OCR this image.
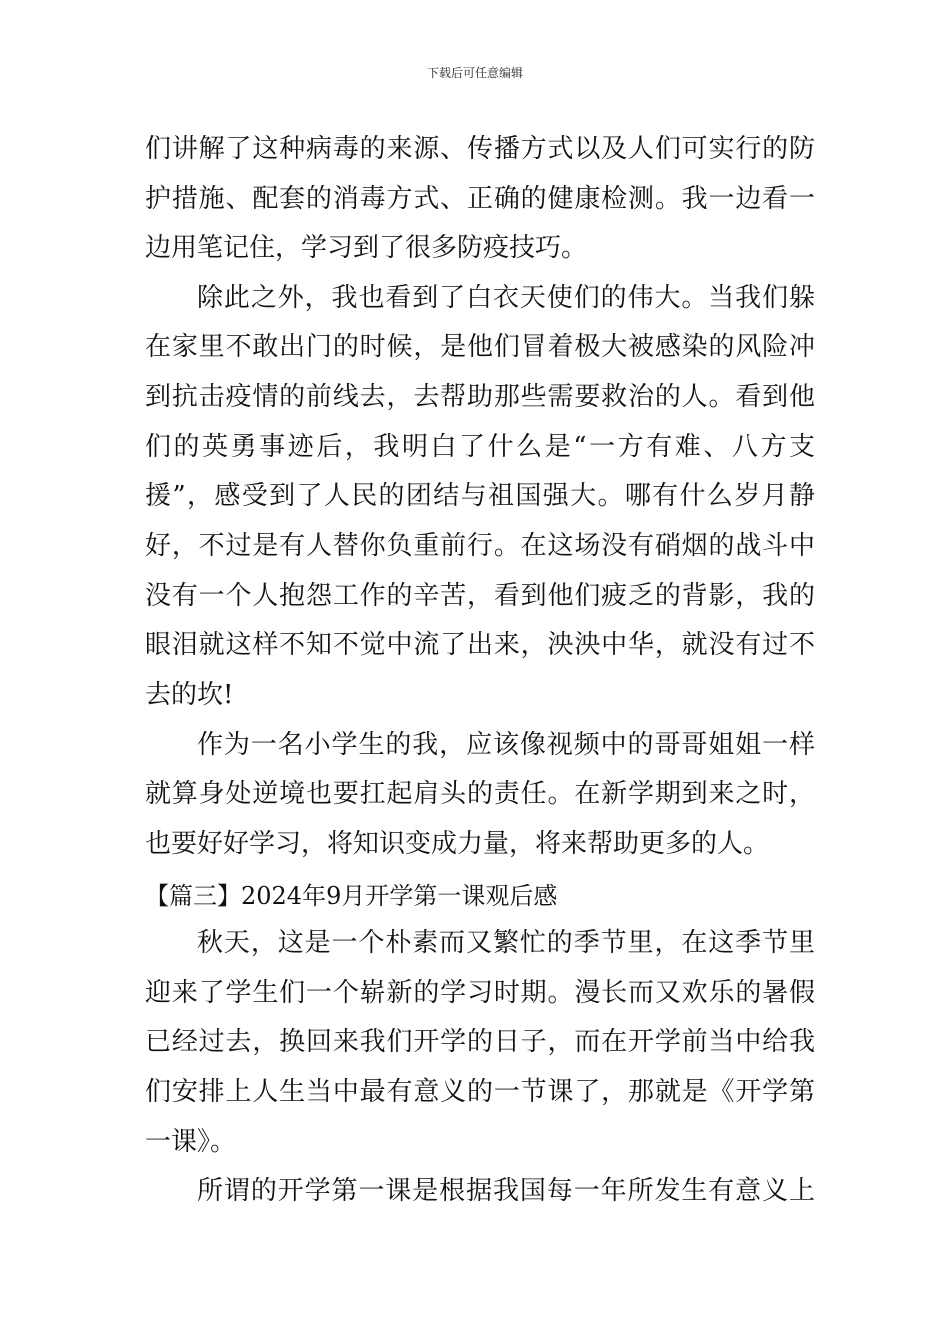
下载后可任意编辑
们讲解了这种病毒的来源、传播方式以及人们可实行的防
护措施、配套的消毒方式、正确的健康检测。我一边看一
边用笔记住，学习到了很多防疫技巧。
除此之外，我也看到了白衣天使们的伟大。当我们躲
在家里不敢出门的时候，是他们冒着极大被感染的风险冲
到抗击疫情的前线去，去帮助那些需要救治的人。看到他
们的英勇事迹后，我明白了什么是“一方有难、八方支
援”，感受到了人民的团结与祖国强大。哪有什么岁月静
好，不过是有人替你负重前行。在这场没有硝烟的战斗中
没有一个人抱怨工作的辛苦，看到他们疲乏的背影，我的
眼泪就这样不知不觉中流了出来，泱泱中华，就没有过不
去的坎!
作为一名小学生的我，应该像视频中的哥哥姐姐一样
就算身处逆境也要扛起肩头的责任。在新学期到来之时，
也要好好学习，将知识变成力量，将来帮助更多的人。
【篇三】2024年9月开学第一课观后感
秋天，这是一个朴素而又繁忙的季节里，在这季节里
迎来了学生们一个崭新的学习时期。漫长而又欢乐的暑假
已经过去，换回来我们开学的日子，而在开学前当中给我
们安排上人生当中最有意义的一节课了，那就是《开学第
一课》。
所谓的开学第一课是根据我国每一年所发生有意义上
